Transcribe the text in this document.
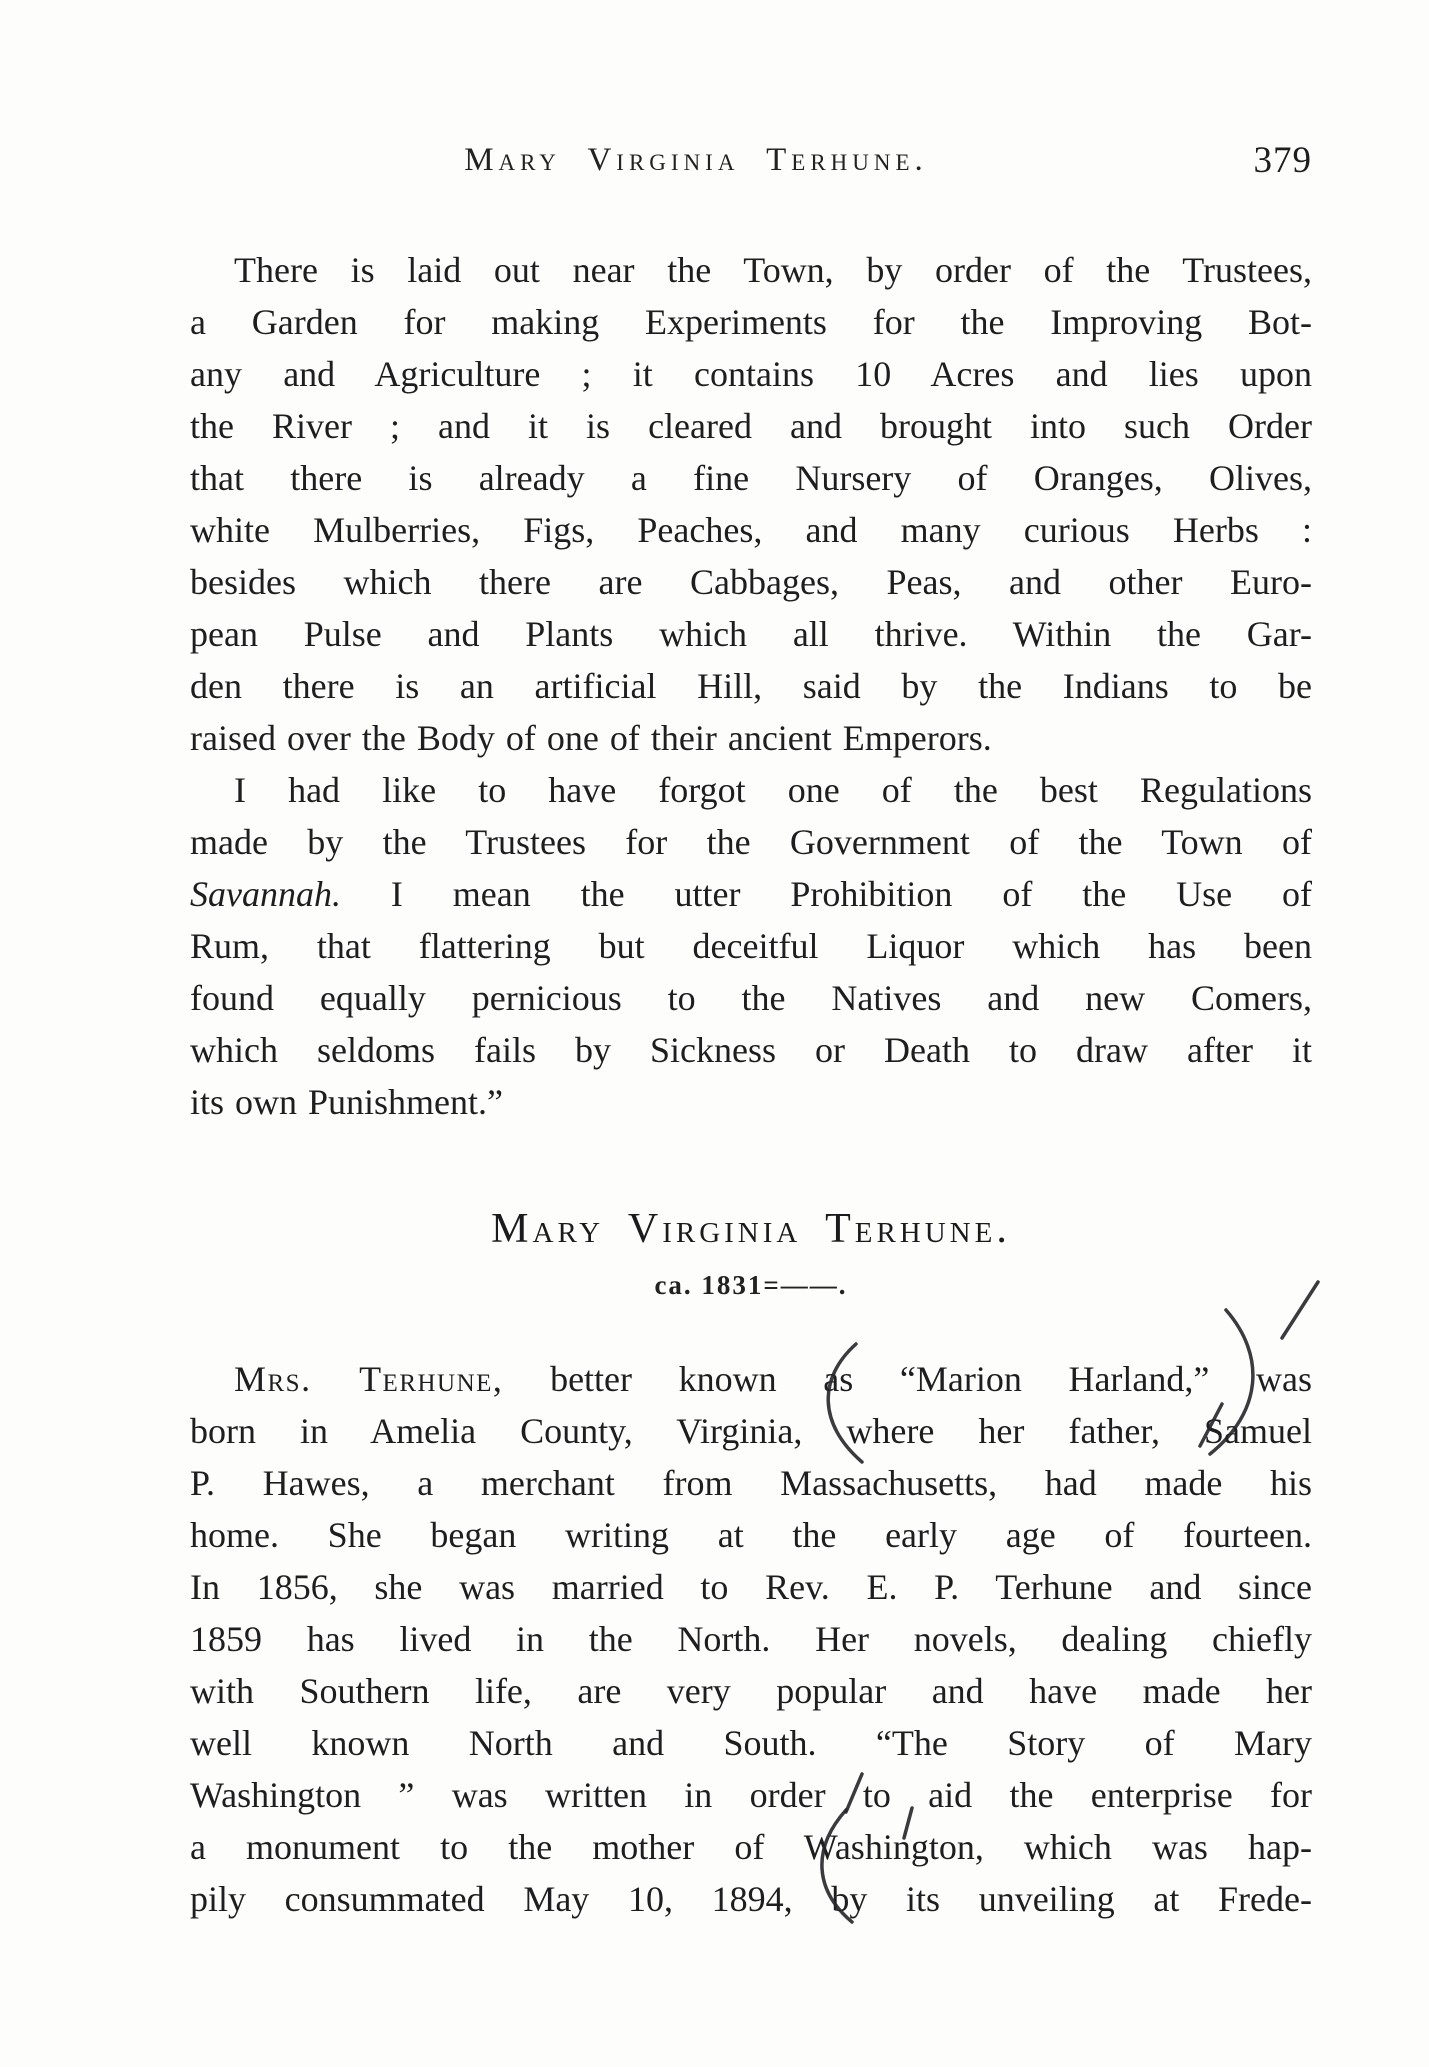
Mary Virginia Terhune.	379
There is laid out near the Town, by order of the Trustees,
a Garden for making Experiments for the Improving Bot-
any and Agriculture ; it contains 10 Acres and lies upon
the River ; and it is cleared and brought into such Order
that there is already a fine Nursery of Oranges, Olives,
white Mulberries, Figs, Peaches, and many curious Herbs :
besides which there are Cabbages, Peas, and other Euro-
pean Pulse and Plants which all thrive. Within the Gar-
den there is an artificial Hill, said by the Indians to be
raised over the Body of one of their ancient Emperors.
I had like to have forgot one of the best Regulations
made by the Trustees for the Government of the Town of
Savannah. I mean the utter Prohibition of the Use of
Rum, that flattering but deceitful Liquor which has been
found equally pernicious to the Natives and new Comers,
which seldoms fails by Sickness or Death to draw after it
its own Punishment.”
Mary Virginia Terhune.
ca. 1831=——.
Mrs. Terhune, better known as “Marion Harland,” was
born in Amelia County, Virginia, where her father, Samuel
P. Hawes, a merchant from Massachusetts, had made his
home. She began writing at the early age of fourteen.
In 1856, she was married to Rev. E. P. Terhune and since
1859 has lived in the North. Her novels, dealing chiefly
with Southern life, are very popular and have made her
well known North and South. “The Story of Mary
Washington ” was written in order to aid the enterprise for
a monument to the mother of Washington, which was hap-
pily consummated May 10, 1894, by its unveiling at Frede-
